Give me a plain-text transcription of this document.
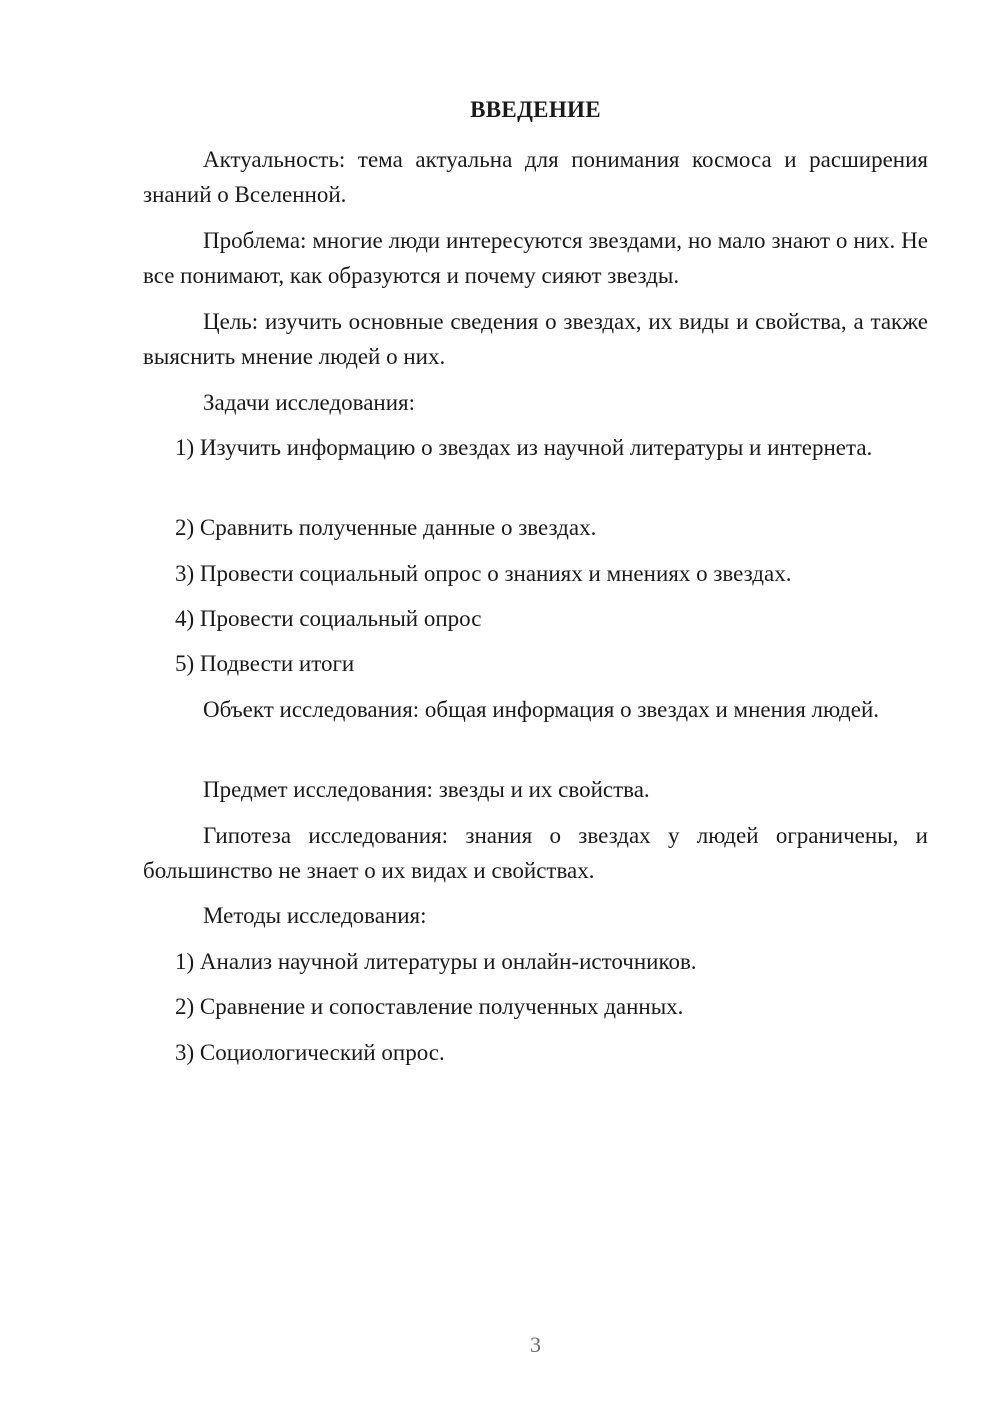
ВВЕДЕНИЕ

Актуальность: тема актуальна для понимания космоса и расширения знаний о Вселенной.

Проблема: многие люди интересуются звездами, но мало знают о них. Не все понимают, как образуются и почему сияют звезды.

Цель: изучить основные сведения о звездах, их виды и свойства, а также выяснить мнение людей о них.

Задачи исследования:

1) Изучить информацию о звездах из научной литературы и интернета.

2) Сравнить полученные данные о звездах.

3) Провести социальный опрос о знаниях и мнениях о звездах.

4) Провести социальный опрос

5) Подвести итоги

Объект исследования: общая информация о звездах и мнения людей.

Предмет исследования: звезды и их свойства.

Гипотеза исследования: знания о звездах у людей ограничены, и большинство не знает о их видах и свойствах.

Методы исследования:

1) Анализ научной литературы и онлайн-источников.

2) Сравнение и сопоставление полученных данных.

3) Социологический опрос.

3
